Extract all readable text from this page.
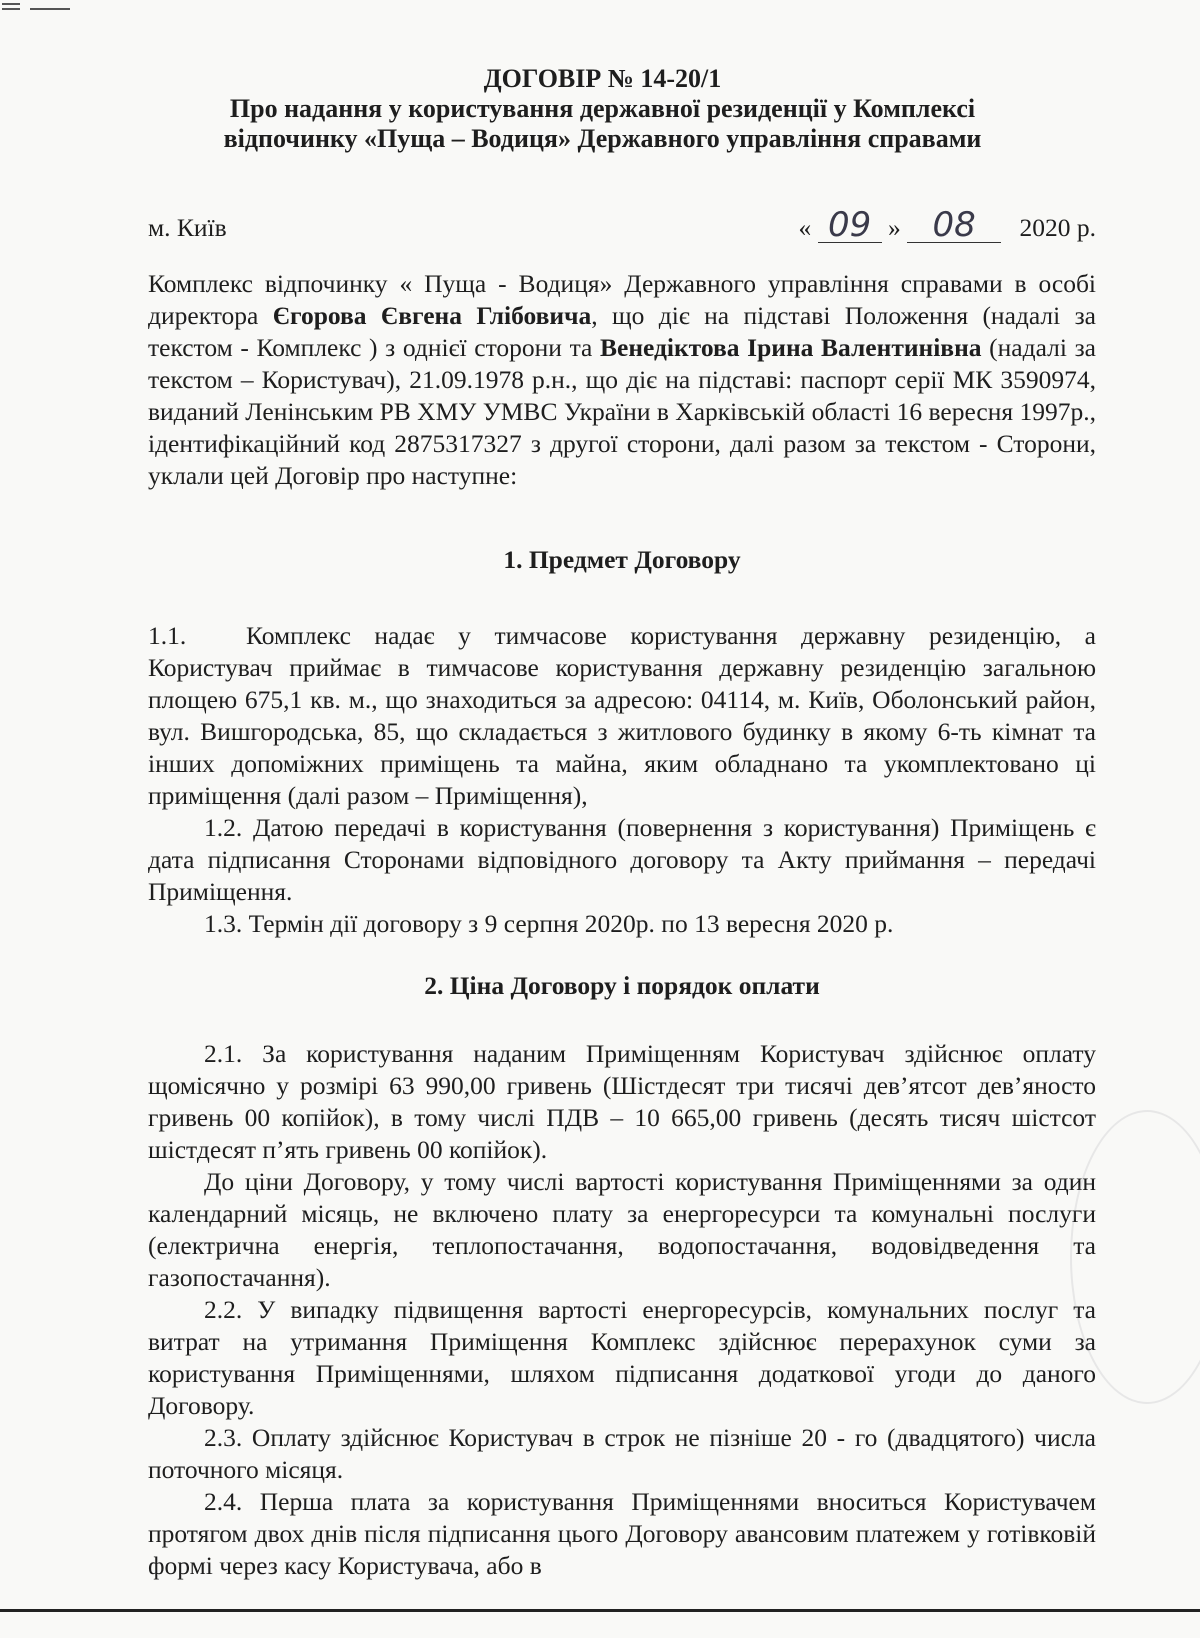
ДОГОВІР № 14-20/1
Про надання у користування державної резиденції у Комплексі
відпочинку «Пуща – Водиця» Державного управління справами
м. Київ	« 09 » 08 2020 р.

Комплекс відпочинку « Пуща - Водиця» Державного управління справами в особі директора Єгорова Євгена Глібовича, що діє на підставі Положення (надалі за текстом - Комплекс ) з однієї сторони та Венедіктова Ірина Валентинівна (надалі за текстом – Користувач), 21.09.1978 р.н., що діє на підставі: паспорт серії МК 3590974, виданий Ленінським РВ ХМУ УМВС України в Харківській області 16 вересня 1997р., ідентифікаційний код 2875317327 з другої сторони, далі разом за текстом - Сторони, уклали цей Договір про наступне:

1. Предмет Договору

1.1. Комплекс надає у тимчасове користування державну резиденцію, а Користувач приймає в тимчасове користування державну резиденцію загальною площею 675,1 кв. м., що знаходиться за адресою: 04114, м. Київ, Оболонський район, вул. Вишгородська, 85, що складається з житлового будинку в якому 6-ть кімнат та інших допоміжних приміщень та майна, яким обладнано та укомплектовано ці приміщення (далі разом – Приміщення),

1.2. Датою передачі в користування (повернення з користування) Приміщень є дата підписання Сторонами відповідного договору та Акту приймання – передачі Приміщення.

1.3. Термін дії договору з 9 серпня 2020р. по 13 вересня 2020 р.

2. Ціна Договору і порядок оплати

2.1. За користування наданим Приміщенням Користувач здійснює оплату щомісячно у розмірі 63 990,00 гривень (Шістдесят три тисячі дев’ятсот дев’яносто гривень 00 копійок), в тому числі ПДВ – 10 665,00 гривень (десять тисяч шістсот шістдесят п’ять гривень 00 копійок).

До ціни Договору, у тому числі вартості користування Приміщеннями за один календарний місяць, не включено плату за енергоресурси та комунальні послуги (електрична енергія, теплопостачання, водопостачання, водовідведення та газопостачання).

2.2. У випадку підвищення вартості енергоресурсів, комунальних послуг та витрат на утримання Приміщення Комплекс здійснює перерахунок суми за користування Приміщеннями, шляхом підписання додаткової угоди до даного Договору.

2.3. Оплату здійснює Користувач в строк не пізніше 20 - го (двадцятого) числа поточного місяця.

2.4. Перша плата за користування Приміщеннями вноситься Користувачем протягом двох днів після підписання цього Договору авансовим платежем у готівковій формі через касу Користувача, або в
